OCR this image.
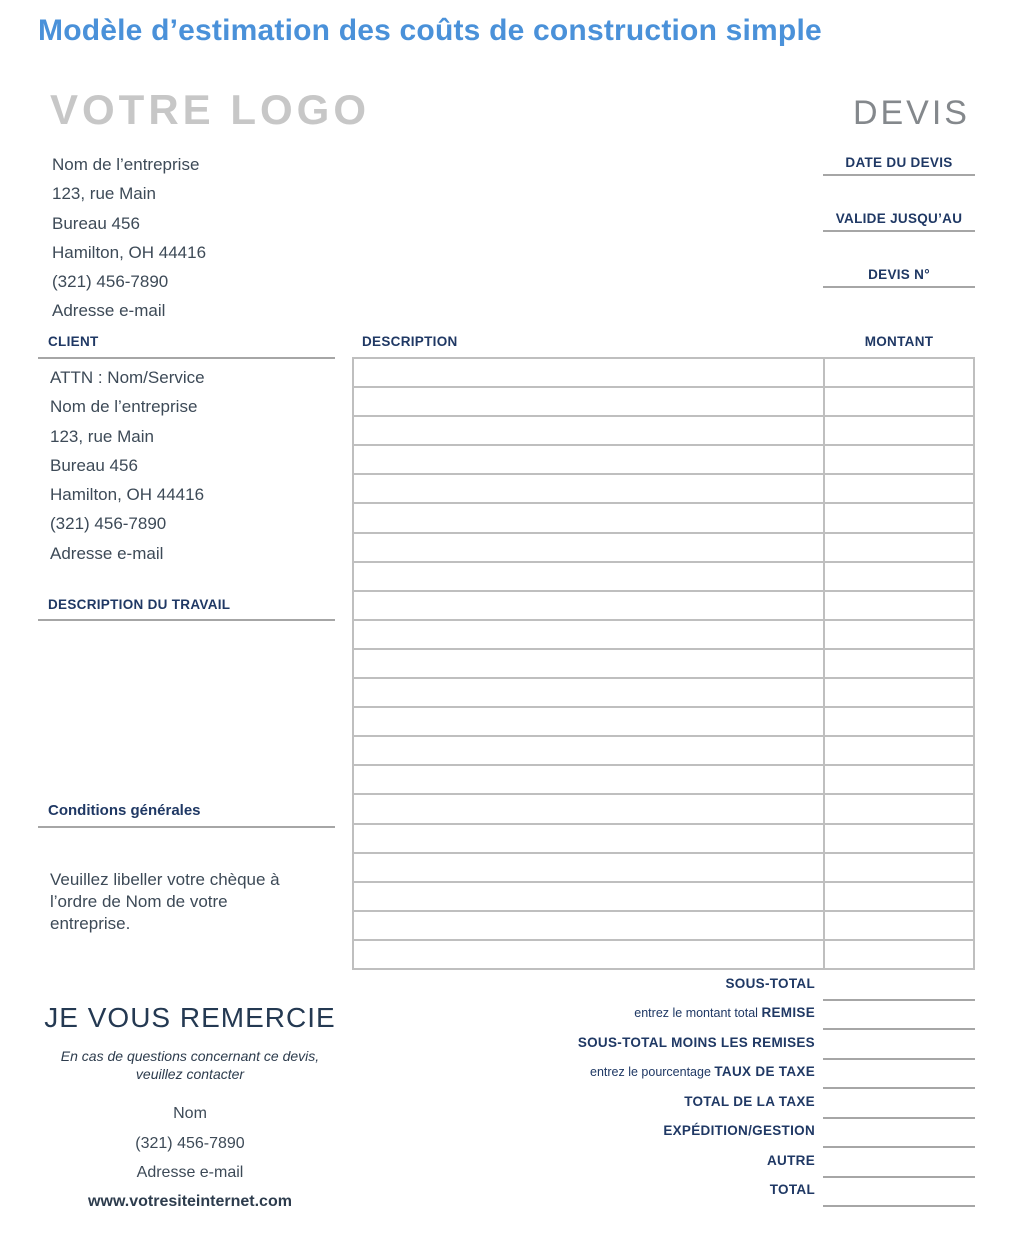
Modèle d’estimation des coûts de construction simple
VOTRE LOGO	DEVIS
Nom de l’entreprise
123, rue Main
Bureau 456
Hamilton, OH 44416
(321) 456-7890
Adresse e-mail
DATE DU DEVIS
VALIDE JUSQU’AU
DEVIS N°
CLIENT
ATTN : Nom/Service
Nom de l’entreprise
123, rue Main
Bureau 456
Hamilton, OH 44416
(321) 456-7890
Adresse e-mail
DESCRIPTION DU TRAVAIL
Conditions générales
Veuillez libeller votre chèque à l’ordre de Nom de votre entreprise.
JE VOUS REMERCIE
En cas de questions concernant ce devis, veuillez contacter
Nom
(321) 456-7890
Adresse e-mail
www.votresiteinternet.com
DESCRIPTION	MONTANT
SOUS-TOTAL
entrez le montant total REMISE
SOUS-TOTAL MOINS LES REMISES
entrez le pourcentage TAUX DE TAXE
TOTAL DE LA TAXE
EXPÉDITION/GESTION
AUTRE
TOTAL
